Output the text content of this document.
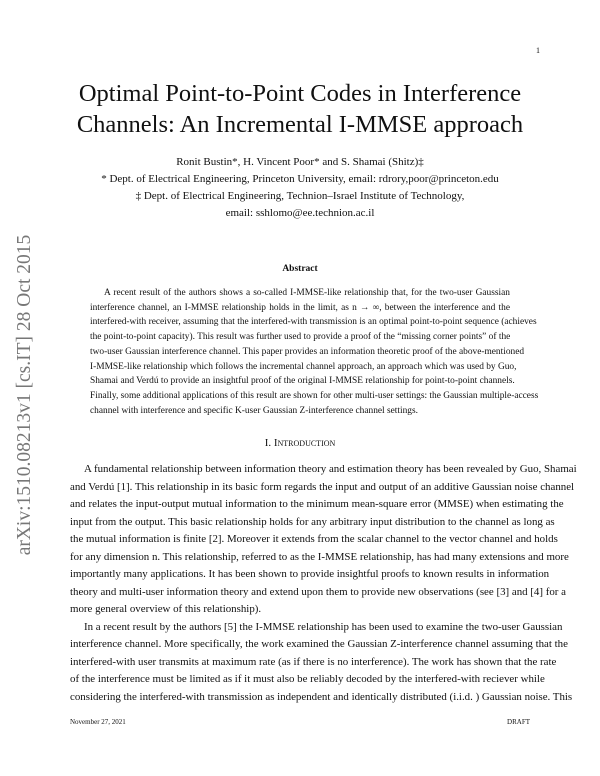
1
arXiv:1510.08213v1 [cs.IT] 28 Oct 2015
Optimal Point-to-Point Codes in Interference
Channels: An Incremental I-MMSE approach
Ronit Bustin*, H. Vincent Poor* and S. Shamai (Shitz)‡
* Dept. of Electrical Engineering, Princeton University, email: rdrory,poor@princeton.edu
‡ Dept. of Electrical Engineering, Technion–Israel Institute of Technology,
email: sshlomo@ee.technion.ac.il
Abstract
A recent result of the authors shows a so-called I-MMSE-like relationship that, for the two-user Gaussian
interference channel, an I-MMSE relationship holds in the limit, as n → ∞, between the interference and the
interfered-with receiver, assuming that the interfered-with transmission is an optimal point-to-point sequence (achieves
the point-to-point capacity). This result was further used to provide a proof of the “missing corner points” of the
two-user Gaussian interference channel. This paper provides an information theoretic proof of the above-mentioned
I-MMSE-like relationship which follows the incremental channel approach, an approach which was used by Guo,
Shamai and Verdú to provide an insightful proof of the original I-MMSE relationship for point-to-point channels.
Finally, some additional applications of this result are shown for other multi-user settings: the Gaussian multiple-access
channel with interference and specific K-user Gaussian Z-interference channel settings.
I. Introduction
A fundamental relationship between information theory and estimation theory has been revealed by Guo, Shamai
and Verdú [1]. This relationship in its basic form regards the input and output of an additive Gaussian noise channel
and relates the input-output mutual information to the minimum mean-square error (MMSE) when estimating the
input from the output. This basic relationship holds for any arbitrary input distribution to the channel as long as
the mutual information is finite [2]. Moreover it extends from the scalar channel to the vector channel and holds
for any dimension n. This relationship, referred to as the I-MMSE relationship, has had many extensions and more
importantly many applications. It has been shown to provide insightful proofs to known results in information
theory and multi-user information theory and extend upon them to provide new observations (see [3] and [4] for a
more general overview of this relationship).
In a recent result by the authors [5] the I-MMSE relationship has been used to examine the two-user Gaussian
interference channel. More specifically, the work examined the Gaussian Z-interference channel assuming that the
interfered-with user transmits at maximum rate (as if there is no interference). The work has shown that the rate
of the interference must be limited as if it must also be reliably decoded by the interfered-with reciever while
considering the interfered-with transmission as independent and identically distributed (i.i.d. ) Gaussian noise. This
November 27, 2021	DRAFT
